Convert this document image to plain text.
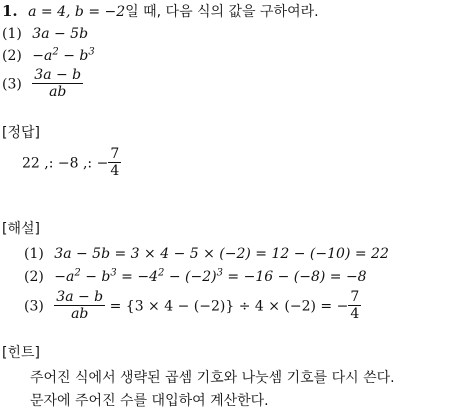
1. a = 4, b = −2일 때, 다음 식의 값을 구하여라.
(1) 3a − 5b
$(2) -a^2 - b^3$
$(3) \frac{3a - b}{ab}$
[정답]
22 ,: −8 ,: − $\frac{7}{4}$
[해설]
(1) 3a − 5b = 3 × 4 − 5 × (−2) = 12 − (−10) = 22
$(2) -a^2 - b^3 = -4^2 - (-2)^3 = -16 - (-8) = -8$
$(3) \frac{3a - b}{ab} = \{3 \times 4 - (-2)\} \div 4 \times (-2)$ = − $\frac{7}{4}$
[힌트]
주어진 식에서 생략된 곱셈 기호와 나눗셈 기호를 다시 쓴다.
문자에 주어진 수를 대입하여 계산한다.
